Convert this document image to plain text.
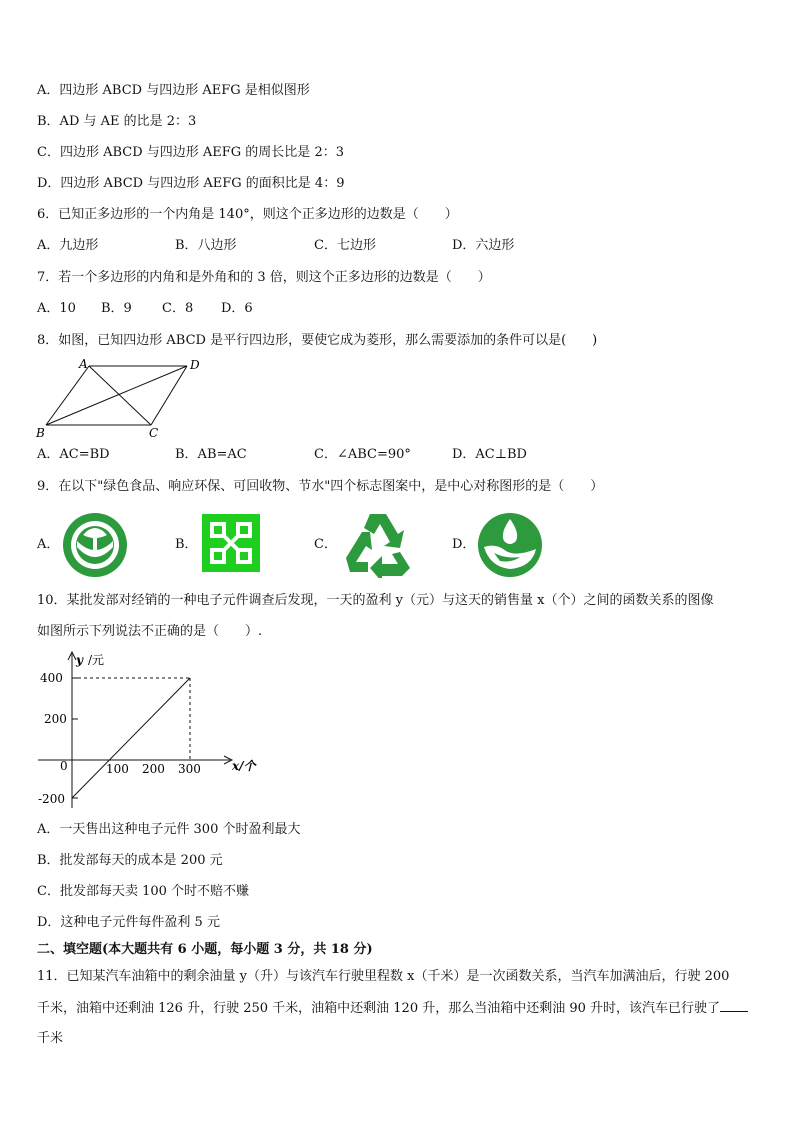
A．四边形 ABCD 与四边形 AEFG 是相似图形
B．AD 与 AE 的比是 2：3
C．四边形 ABCD 与四边形 AEFG 的周长比是 2：3
D．四边形 ABCD 与四边形 AEFG 的面积比是 4：9
6．已知正多边形的一个内角是 140°，则这个正多边形的边数是（　　）
A．九边形	B．八边形	C．七边形	D．六边形
7．若一个多边形的内角和是外角和的 3 倍，则这个正多边形的边数是（　　）
A．10 B．9 C．8 D．6
8．如图，已知四边形 ABCD 是平行四边形，要使它成为菱形，那么需要添加的条件可以是(　　)
A	D
B	C
A．AC=BD	B．AB=AC	C．∠ABC=90°	D．AC⊥BD
9．在以下"绿色食品、响应环保、可回收物、节水"四个标志图案中，是中心对称图形的是（　　）
A．	B．	C．	D．
10．某批发部对经销的一种电子元件调查后发现，一天的盈利 y（元）与这天的销售量 x（个）之间的函数关系的图像
如图所示下列说法不正确的是（　　）.
y /元
400
200
-200
0	100 200 300	x/个
A．一天售出这种电子元件 300 个时盈利最大
B．批发部每天的成本是 200 元
C．批发部每天卖 100 个时不赔不赚
D．这种电子元件每件盈利 5 元
二、填空题(本大题共有 6 小题，每小题 3 分，共 18 分)
11．已知某汽车油箱中的剩余油量 y（升）与该汽车行驶里程数 x（千米）是一次函数关系，当汽车加满油后，行驶 200
千米，油箱中还剩油 126 升，行驶 250 千米，油箱中还剩油 120 升，那么当油箱中还剩油 90 升时，该汽车已行驶了
千米
